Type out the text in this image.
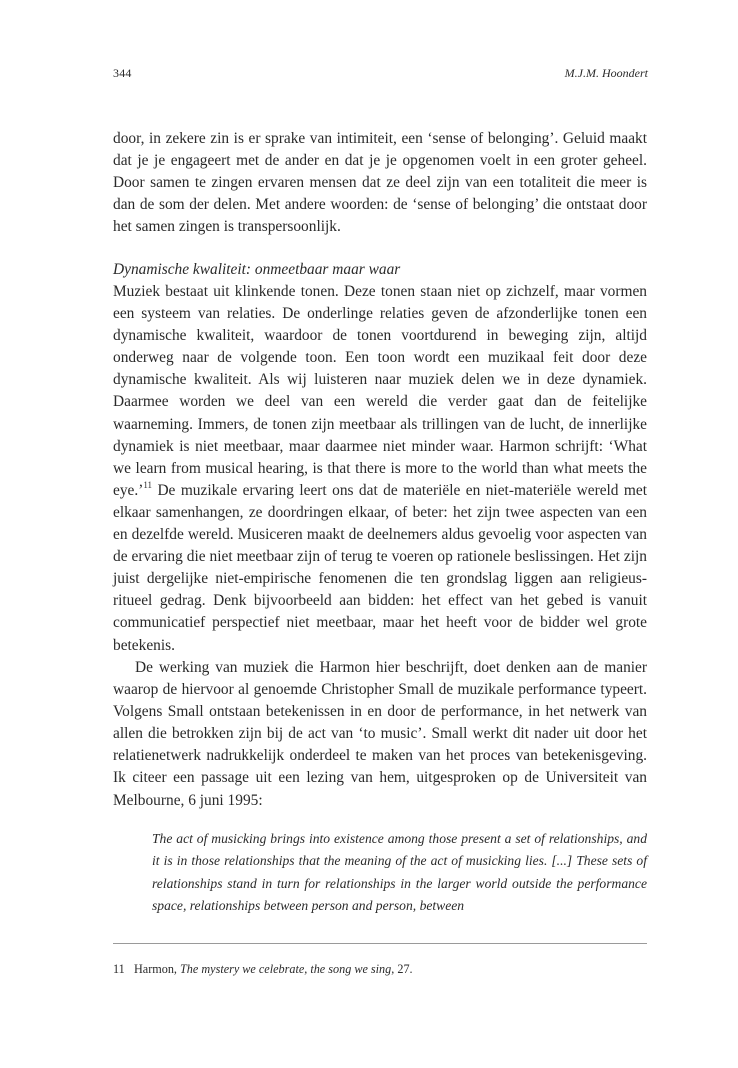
344	M.J.M. Hoondert

door, in zekere zin is er sprake van intimiteit, een ‘sense of belonging’. Geluid maakt dat je je engageert met de ander en dat je je opgenomen voelt in een groter geheel. Door samen te zingen ervaren mensen dat ze deel zijn van een totaliteit die meer is dan de som der delen. Met andere woorden: de ‘sense of belonging’ die ontstaat door het samen zingen is transpersoonlijk.

Dynamische kwaliteit: onmeetbaar maar waar

Muziek bestaat uit klinkende tonen. Deze tonen staan niet op zichzelf, maar vormen een systeem van relaties. De onderlinge relaties geven de afzonderlijke tonen een dynamische kwaliteit, waardoor de tonen voortdurend in beweging zijn, altijd onderweg naar de volgende toon. Een toon wordt een muzikaal feit door deze dynamische kwaliteit. Als wij luisteren naar muziek delen we in deze dynamiek. Daarmee worden we deel van een wereld die verder gaat dan de feitelijke waarneming. Immers, de tonen zijn meetbaar als trillingen van de lucht, de innerlijke dynamiek is niet meetbaar, maar daarmee niet minder waar. Harmon schrijft: ‘What we learn from musical hearing, is that there is more to the world than what meets the eye.’$^{11}$ De muzikale ervaring leert ons dat de materiële en niet-materiële wereld met elkaar samenhangen, ze doordringen elkaar, of beter: het zijn twee aspecten van een en dezelfde wereld. Musiceren maakt de deelnemers aldus gevoelig voor aspecten van de ervaring die niet meetbaar zijn of terug te voeren op rationele beslissingen. Het zijn juist dergelijke niet-empirische fenomenen die ten grondslag liggen aan religieus-ritueel gedrag. Denk bijvoorbeeld aan bidden: het effect van het gebed is vanuit communicatief perspectief niet meetbaar, maar het heeft voor de bidder wel grote betekenis.

De werking van muziek die Harmon hier beschrijft, doet denken aan de manier waarop de hiervoor al genoemde Christopher Small de muzikale performance typeert. Volgens Small ontstaan betekenissen in en door de performance, in het netwerk van allen die betrokken zijn bij de act van ‘to music’. Small werkt dit nader uit door het relatienetwerk nadrukkelijk onderdeel te maken van het proces van betekenisgeving. Ik citeer een passage uit een lezing van hem, uitgesproken op de Universiteit van Melbourne, 6 juni 1995:

The act of musicking brings into existence among those present a set of relationships, and it is in those relationships that the meaning of the act of musicking lies. [...] These sets of relationships stand in turn for relationships in the larger world outside the performance space, relationships between person and person, between

11 Harmon, The mystery we celebrate, the song we sing, 27.
